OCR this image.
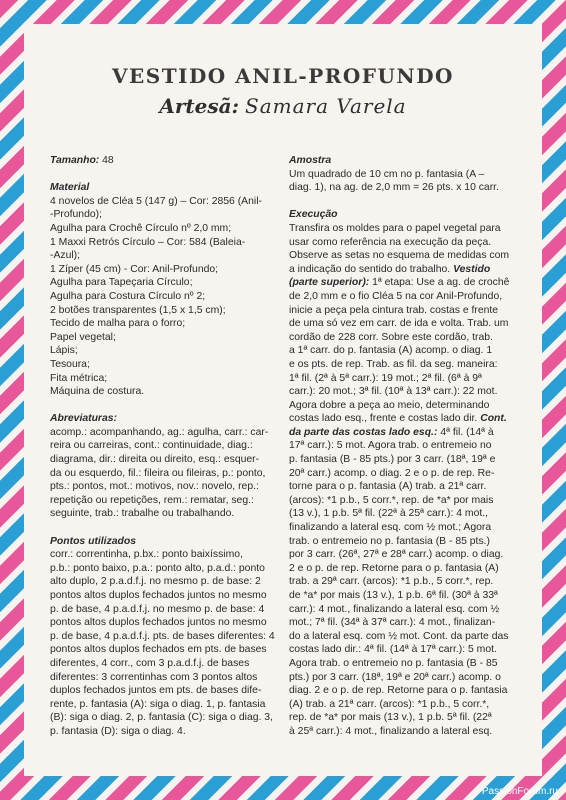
VESTIDO ANIL-PROFUNDO
Artesã: Samara Varela

Tamanho: 48

Material

4 novelos de Cléa 5 (147 g) – Cor: 2856 (Anil-

-Profundo);

Agulha para Crochê Círculo nº 2,0 mm;

1 Maxxi Retrós Círculo – Cor: 584 (Baleia-

-Azul);

1 Zíper (45 cm) - Cor: Anil-Profundo;

Agulha para Tapeçaria Círculo;

Agulha para Costura Círculo nº 2;

2 botões transparentes (1,5 x 1,5 cm);

Tecido de malha para o forro;

Papel vegetal;

Lápis;

Tesoura;

Fita métrica;

Máquina de costura.

Abreviaturas:

acomp.: acompanhando, ag.: agulha, carr.: car-

reira ou carreiras, cont.: continuidade, diag.:

diagrama, dir.: direita ou direito, esq.: esquer-

da ou esquerdo, fil.: fileira ou fileiras, p.: ponto,

pts.: pontos, mot.: motivos, nov.: novelo, rep.:

repetição ou repetições, rem.: rematar, seg.:

seguinte, trab.: trabalhe ou trabalhando.

Pontos utilizados

corr.: correntinha, p.bx.: ponto baixíssimo,

p.b.: ponto baixo, p.a.: ponto alto, p.a.d.: ponto

alto duplo, 2 p.a.d.f.j. no mesmo p. de base: 2

pontos altos duplos fechados juntos no mesmo

p. de base, 4 p.a.d.f.j. no mesmo p. de base: 4

pontos altos duplos fechados juntos no mesmo

p. de base, 4 p.a.d.f.j. pts. de bases diferentes: 4

pontos altos duplos fechados em pts. de bases

diferentes, 4 corr., com 3 p.a.d.f.j. de bases

diferentes: 3 correntinhas com 3 pontos altos

duplos fechados juntos em pts. de bases dife-

rente, p. fantasia (A): siga o diag. 1, p. fantasia

(B): siga o diag. 2, p. fantasia (C): siga o diag. 3,

p. fantasia (D): siga o diag. 4.

Amostra

Um quadrado de 10 cm no p. fantasia (A –

diag. 1), na ag. de 2,0 mm = 26 pts. x 10 carr.

Execução

Transfira os moldes para o papel vegetal para

usar como referência na execução da peça.

Observe as setas no esquema de medidas com

a indicação do sentido do trabalho. Vestido

(parte superior): 1ª etapa: Use a ag. de crochê

de 2,0 mm e o fio Cléa 5 na cor Anil-Profundo,

inicie a peça pela cintura trab. costas e frente

de uma só vez em carr. de ida e volta. Trab. um

cordão de 228 corr. Sobre este cordão, trab.

a 1ª carr. do p. fantasia (A) acomp. o diag. 1

e os pts. de rep. Trab. as fil. da seg. maneira:

1ª fil. (2ª à 5ª carr.): 19 mot.; 2ª fil. (6ª à 9ª

carr.): 20 mot.; 3ª fil. (10ª à 13ª carr.): 22 mot.

Agora dobre a peça ao meio, determinando

costas lado esq., frente e costas lado dir. Cont.

da parte das costas lado esq.: 4ª fil. (14ª à

17ª carr.): 5 mot. Agora trab. o entremeio no

p. fantasia (B - 85 pts.) por 3 carr. (18ª, 19ª e

20ª carr.) acomp. o diag. 2 e o p. de rep. Re-

torne para o p. fantasia (A) trab. a 21ª carr.

(arcos): *1 p.b., 5 corr.*, rep. de *a* por mais

(13 v.), 1 p.b. 5ª fil. (22ª à 25ª carr.): 4 mot.,

finalizando a lateral esq. com ½ mot.; Agora

trab. o entremeio no p. fantasia (B - 85 pts.)

por 3 carr. (26ª, 27ª e 28ª carr.) acomp. o diag.

2 e o p. de rep. Retorne para o p. fantasia (A)

trab. a 29ª carr. (arcos): *1 p.b., 5 corr.*, rep.

de *a* por mais (13 v.), 1 p.b. 6ª fil. (30ª à 33ª

carr.): 4 mot., finalizando a lateral esq. com ½

mot.; 7ª fil. (34ª à 37ª carr.): 4 mot., finalizan-

do a lateral esq. com ½ mot. Cont. da parte das

costas lado dir.: 4ª fil. (14ª à 17ª carr.): 5 mot.

Agora trab. o entremeio no p. fantasia (B - 85

pts.) por 3 carr. (18ª, 19ª e 20ª carr.) acomp. o

diag. 2 e o p. de rep. Retorne para o p. fantasia

(A) trab. a 21ª carr. (arcos): *1 p.b., 5 corr.*,

rep. de *a* por mais (13 v.), 1 p.b. 5ª fil. (22ª

à 25ª carr.): 4 mot., finalizando a lateral esq.

PassionForum.ru
